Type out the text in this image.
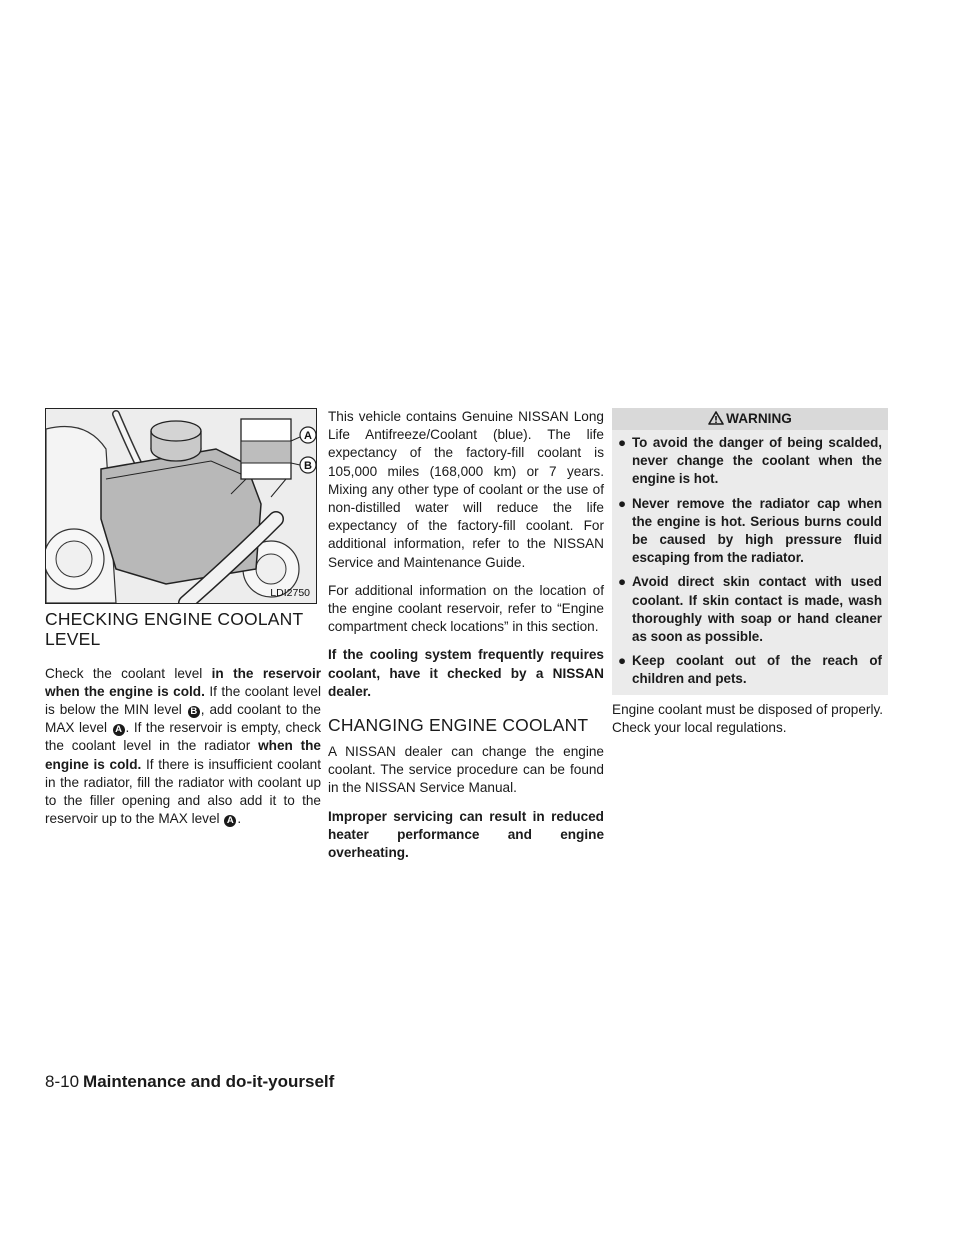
A
B
LDI2750
CHECKING ENGINE COOLANT LEVEL

Check the coolant level in the reservoir when the engine is cold. If the coolant level is below the MIN level B , add coolant to the MAX level A . If the reservoir is empty, check the coolant level in the radiator when the engine is cold. If there is insufficient coolant in the radiator, fill the radiator with coolant up to the filler opening and also add it to the reservoir up to the MAX level A .

This vehicle contains Genuine NISSAN Long Life Antifreeze/Coolant (blue). The life expectancy of the factory-fill coolant is 105,000 miles (168,000 km) or 7 years. Mixing any other type of coolant or the use of non-distilled water will reduce the life expectancy of the factory-fill coolant. For additional information, refer to the NISSAN Service and Maintenance Guide.

For additional information on the location of the engine coolant reservoir, refer to “Engine compartment check locations” in this section.

If the cooling system frequently requires coolant, have it checked by a NISSAN dealer.

CHANGING ENGINE COOLANT

A NISSAN dealer can change the engine coolant. The service procedure can be found in the NISSAN Service Manual.

Improper servicing can result in reduced heater performance and engine overheating.

WARNING
● To avoid the danger of being scalded, never change the coolant when the engine is hot.
● Never remove the radiator cap when the engine is hot. Serious burns could be caused by high pressure fluid escaping from the radiator.
● Avoid direct skin contact with used coolant. If skin contact is made, wash thoroughly with soap or hand cleaner as soon as possible.
● Keep coolant out of the reach of children and pets.

Engine coolant must be disposed of properly. Check your local regulations.

8-10 Maintenance and do-it-yourself
